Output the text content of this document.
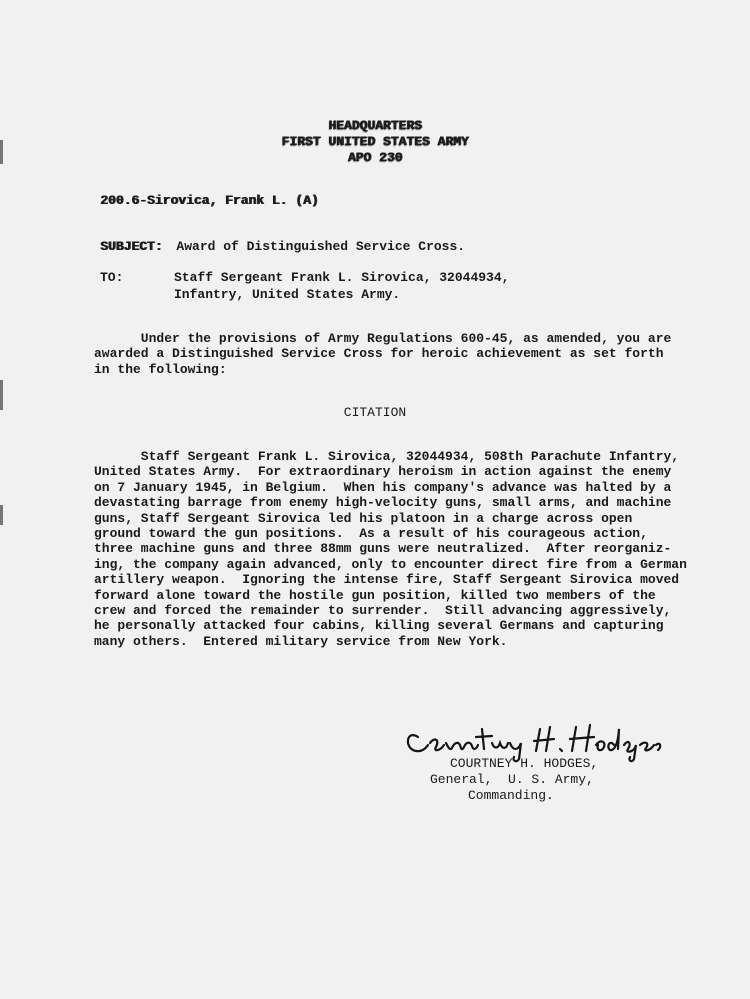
HEADQUARTERS
FIRST UNITED STATES ARMY
APO 230
200.6-Sirovica, Frank L. (A)
SUBJECT: Award of Distinguished Service Cross.
TO:	Staff Sergeant Frank L. Sirovica, 32044934,
Infantry, United States Army.
Under the provisions of Army Regulations 600-45, as amended, you are
awarded a Distinguished Service Cross for heroic achievement as set forth
in the following:
CITATION
Staff Sergeant Frank L. Sirovica, 32044934, 508th Parachute Infantry,
United States Army.  For extraordinary heroism in action against the enemy
on 7 January 1945, in Belgium.  When his company's advance was halted by a
devastating barrage from enemy high-velocity guns, small arms, and machine
guns, Staff Sergeant Sirovica led his platoon in a charge across open
ground toward the gun positions.  As a result of his courageous action,
three machine guns and three 88mm guns were neutralized.  After reorganiz-
ing, the company again advanced, only to encounter direct fire from a German
artillery weapon.  Ignoring the intense fire, Staff Sergeant Sirovica moved
forward alone toward the hostile gun position, killed two members of the
crew and forced the remainder to surrender.  Still advancing aggressively,
he personally attacked four cabins, killing several Germans and capturing
many others.  Entered military service from New York.
COURTNEY H. HODGES,
General,  U. S. Army,
Commanding.
